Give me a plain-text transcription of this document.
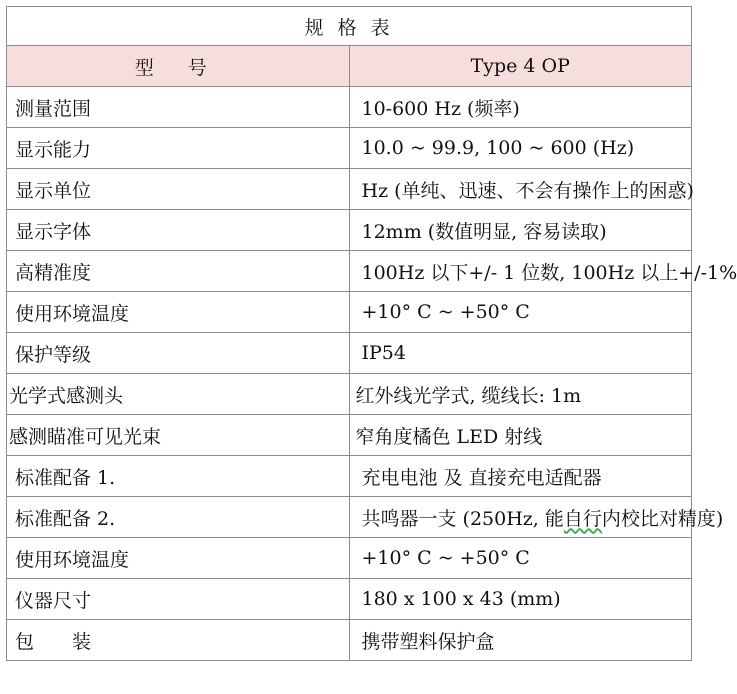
规 格 表	
型 号	Type 4 OP
测量范围	10-600 Hz (频率)
显示能力	10.0 ~ 99.9, 100 ~ 600 (Hz)
显示单位	Hz (单纯、迅速、不会有操作上的困惑)
显示字体	12mm (数值明显, 容易读取)
高精准度	100Hz 以下+/- 1 位数, 100Hz 以上+/-1%
使用环境温度	+10° C ~ +50° C
保护等级	IP54
光学式感测头	红外线光学式, 缆线长: 1m
感测瞄准可见光束	窄角度橘色 LED 射线
标准配备 1.	充电电池 及 直接充电适配器
标准配备 2.	共鸣器一支 (250Hz, 能自行内校比对精度)
使用环境温度	+10° C ~ +50° C
仪器尺寸	180 x 100 x 43 (mm)
包 装	携带塑料保护盒
